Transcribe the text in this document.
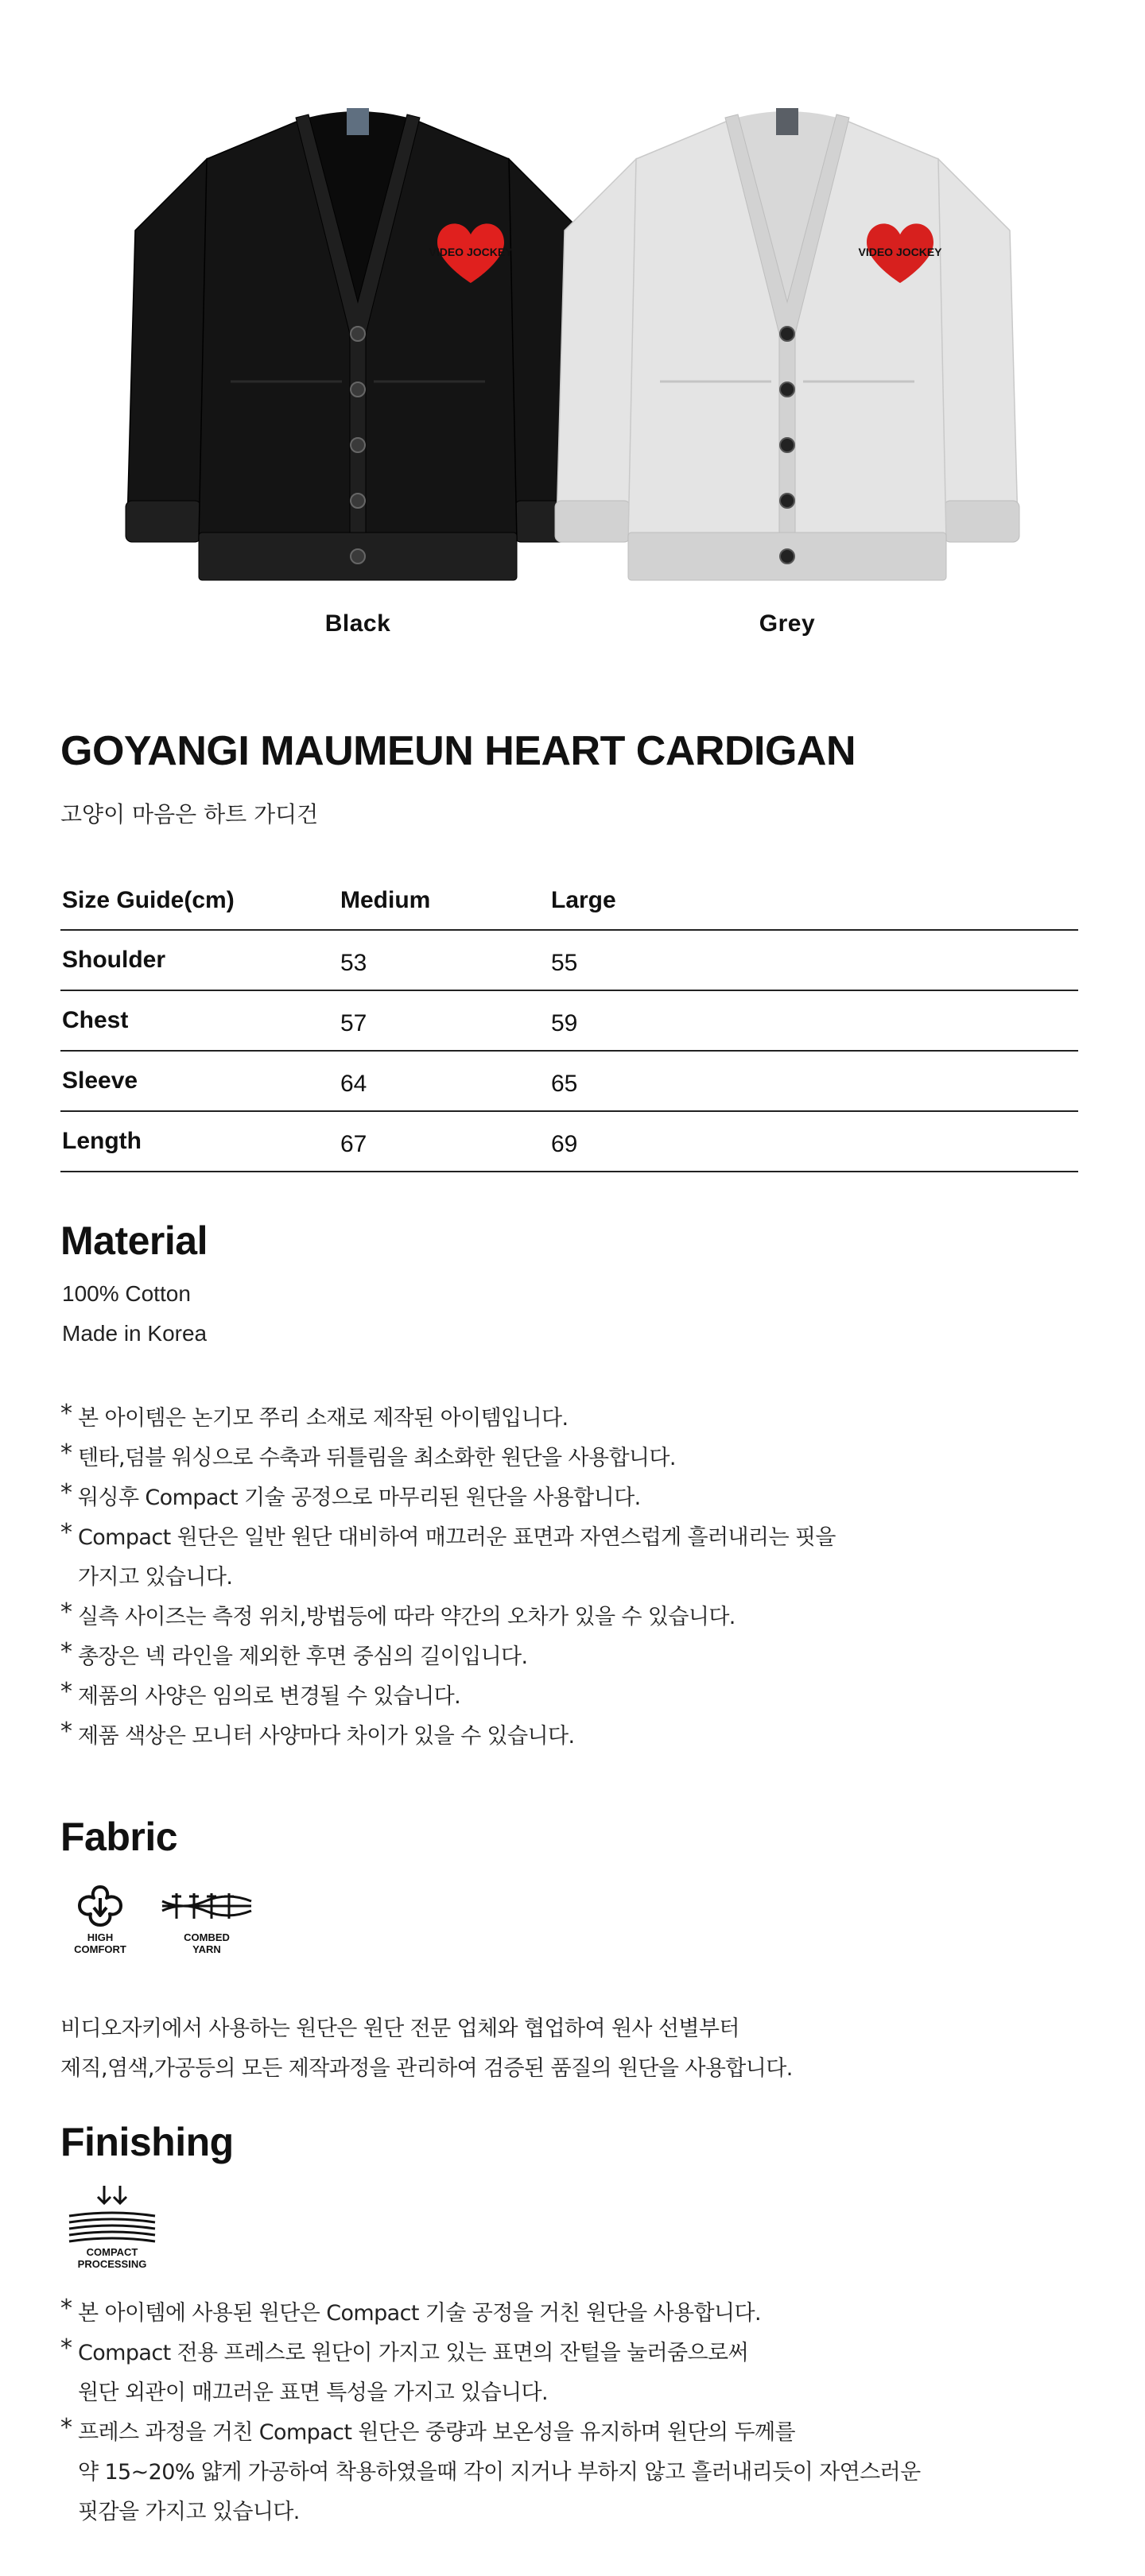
VIDEO JOCKEY	VIDEO JOCKEY
Black	Grey
GOYANGI MAUMEUN HEART CARDIGAN
고양이 마음은 하트 가디건
Size Guide(cm)	Medium	Large
Shoulder	53	55
Chest	57	59
Sleeve	64	65
Length	67	69
Material
100% Cotton
Made in Korea
* 본 아이템은 논기모 쭈리 소재로 제작된 아이템입니다.
* 텐타,덤블 워싱으로 수축과 뒤틀림을 최소화한 원단을 사용합니다.
* 워싱후 Compact 기술 공정으로 마무리된 원단을 사용합니다.
* Compact 원단은 일반 원단 대비하여 매끄러운 표면과 자연스럽게 흘러내리는 핏을
가지고 있습니다.
* 실측 사이즈는 측정 위치,방법등에 따라 약간의 오차가 있을 수 있습니다.
* 총장은 넥 라인을 제외한 후면 중심의 길이입니다.
* 제품의 사양은 임의로 변경될 수 있습니다.
* 제품 색상은 모니터 사양마다 차이가 있을 수 있습니다.
Fabric
HIGH
COMFORT
COMBED
YARN
비디오자키에서 사용하는 원단은 원단 전문 업체와 협업하여 원사 선별부터
제직,염색,가공등의 모든 제작과정을 관리하여 검증된 품질의 원단을 사용합니다.
Finishing
COMPACT
PROCESSING
* 본 아이템에 사용된 원단은 Compact 기술 공정을 거친 원단을 사용합니다.
* Compact 전용 프레스로 원단이 가지고 있는 표면의 잔털을 눌러줌으로써
원단 외관이 매끄러운 표면 특성을 가지고 있습니다.
* 프레스 과정을 거친 Compact 원단은 중량과 보온성을 유지하며 원단의 두께를
약 15~20% 얇게 가공하여 착용하였을때 각이 지거나 부하지 않고 흘러내리듯이 자연스러운
핏감을 가지고 있습니다.
